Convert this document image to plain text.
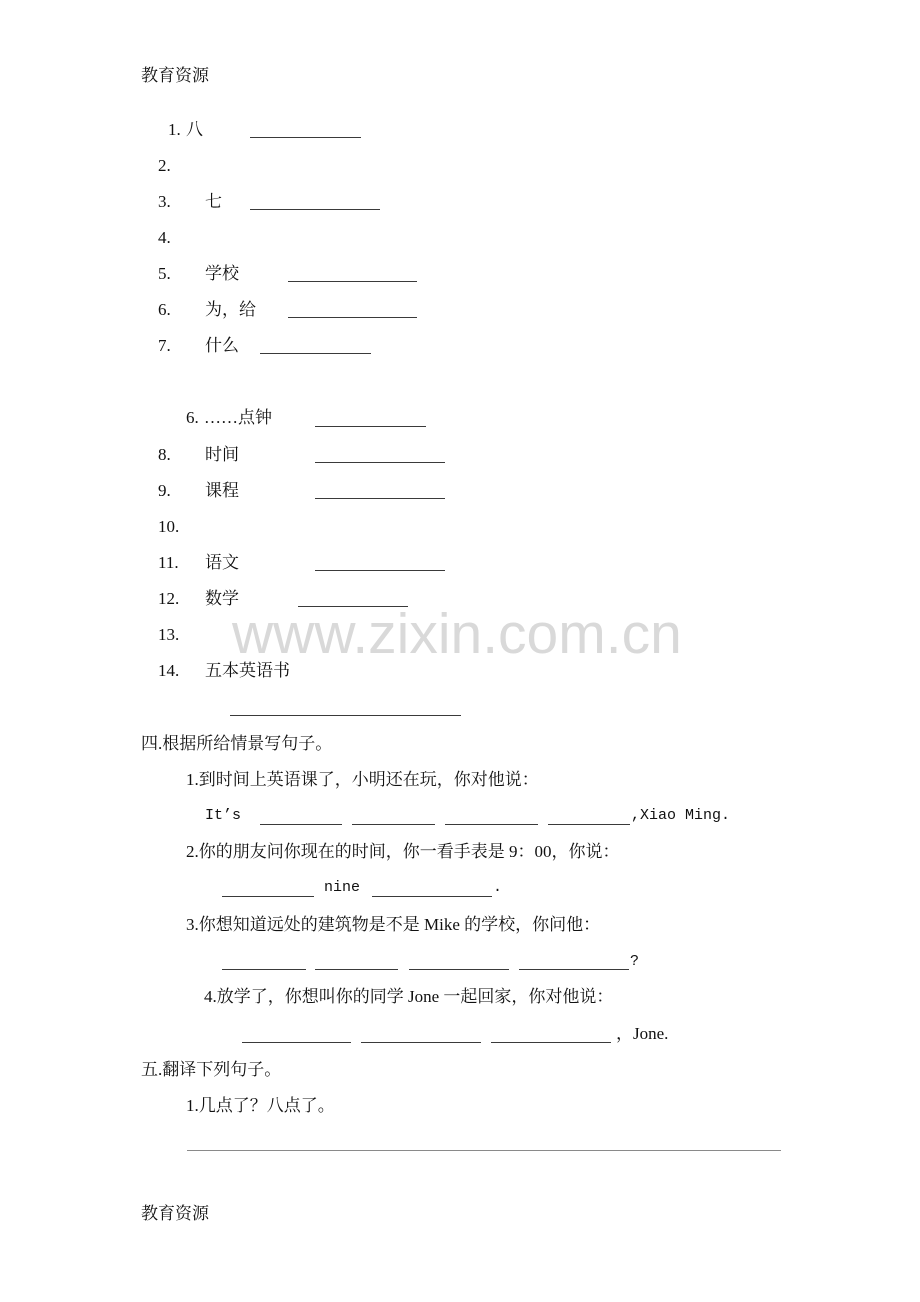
www.zixin.com.cn
教育资源
1. 八
2.
3. 七
4.
5. 学校
6. 为，给
7. 什么
6. ……点钟
8. 时间
9. 课程
10.
11. 语文
12. 数学
13.
14. 五本英语书
四.根据所给情景写句子。
1.到时间上英语课了，小明还在玩，你对他说：
It’s	,Xiao Ming.
2.你的朋友问你现在的时间，你一看手表是 9：00，你说：
nine	.
3.你想知道远处的建筑物是不是 Mike 的学校，你问他：
?
4.放学了，你想叫你的同学 Jone 一起回家，你对他说：
，Jone.
五.翻译下列句子。
1.几点了？八点了。
教育资源
